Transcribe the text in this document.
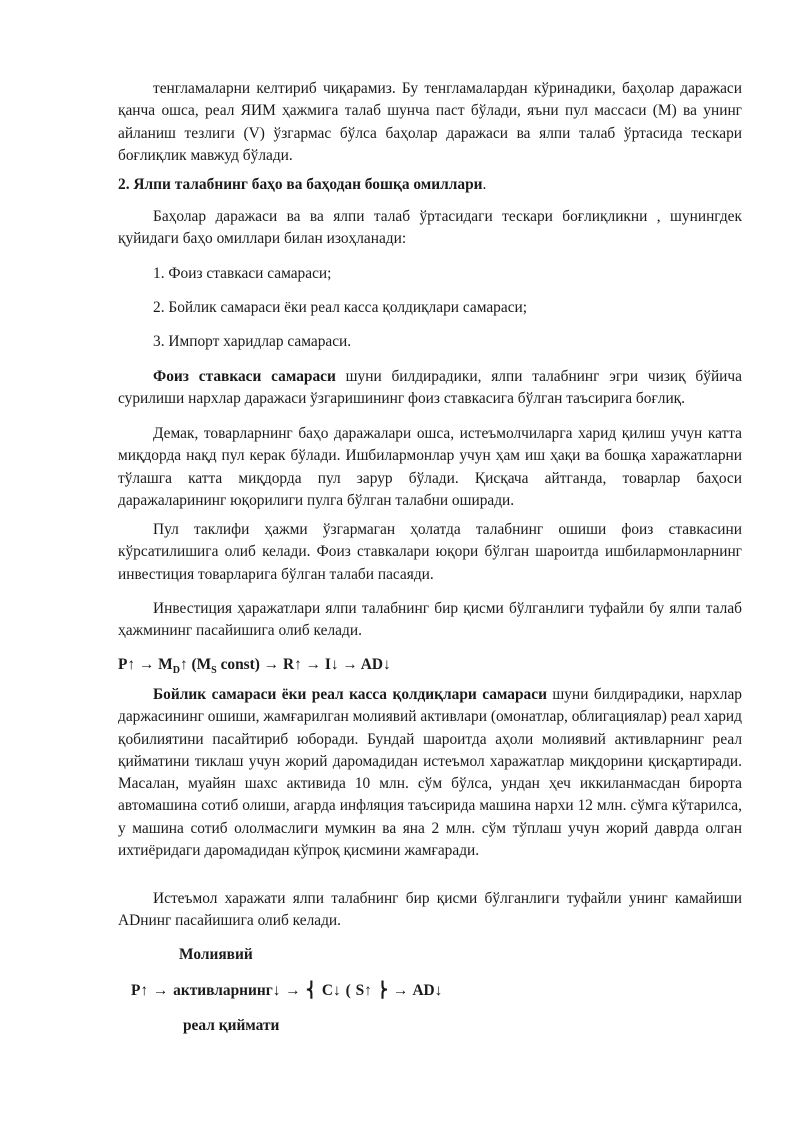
тенгламаларни келтириб чиқарамиз. Бу тенгламалардан кўринадики, баҳолар даражаси қанча ошса, реал ЯИМ ҳажмига талаб шунча паст бўлади, яъни пул массаси (М) ва унинг айланиш тезлиги (V) ўзгармас бўлса баҳолар даражаси ва ялпи талаб ўртасида тескари боғлиқлик мавжуд бўлади.

2. Ялпи талабнинг баҳо ва баҳодан бошқа омиллари.

Баҳолар даражаси ва ва ялпи талаб ўртасидаги тескари боғлиқликни , шунингдек қуйидаги баҳо омиллари билан изоҳланади:

1. Фоиз ставкаси самараси;

2. Бойлик самараси ёки реал касса қолдиқлари самараси;

3. Импорт харидлар самараси.

Фоиз ставкаси самараси шуни билдирадики, ялпи талабнинг эгри чизиқ бўйича сурилиши нархлар даражаси ўзгаришининг фоиз ставкасига бўлган таъсирига боғлиқ.

Демак, товарларнинг баҳо даражалари ошса, истеъмолчиларга харид қилиш учун катта миқдорда нақд пул керак бўлади. Ишбилармонлар учун ҳам иш ҳақи ва бошқа харажатларни тўлашга катта миқдорда пул зарур бўлади. Қисқача айтганда, товарлар баҳоси даражаларининг юқорилиги пулга бўлган талабни оширади.

Пул таклифи ҳажми ўзгармаган ҳолатда талабнинг ошиши фоиз ставкасини кўрсатилишига олиб келади. Фоиз ставкалари юқори бўлган шароитда ишбилармонларнинг инвестиция товарларига бўлган талаби пасаяди.

Инвестиция ҳаражатлари ялпи талабнинг бир қисми бўлганлиги туфайли бу ялпи талаб ҳажмининг пасайишига олиб келади.

P↑ → $M_D↑$ ($M_S$ const) → R↑ → I↓ → AD↓

Бойлик самараси ёки реал касса қолдиқлари самараси шуни билдирадики, нархлар даржасининг ошиши, жамғарилган молиявий активлари (омонатлар, облигациялар) реал харид қобилиятини пасайтириб юборади. Бундай шароитда аҳоли молиявий активларнинг реал қийматини тиклаш учун жорий даромадидан истеъмол харажатлар миқдорини қисқартиради. Масалан, муайян шахс активида 10 млн. сўм бўлса, ундан ҳеч иккиланмасдан бирорта автомашина сотиб олиши, агарда инфляция таъсирида машина нархи 12 млн. сўмга кўтарилса, у машина сотиб ололмаслиги мумкин ва яна 2 млн. сўм тўплаш учун жорий даврда олган ихтиёридаги даромадидан кўпроқ қисмини жамғаради.

Истеъмол харажати ялпи талабнинг бир қисми бўлганлиги туфайли унинг камайиши ADнинг пасайишига олиб келади.

Молиявий

P↑ → активларнинг↓ → ⎨ C↓ ( S↑ ⎬ → AD↓

реал қиймати
